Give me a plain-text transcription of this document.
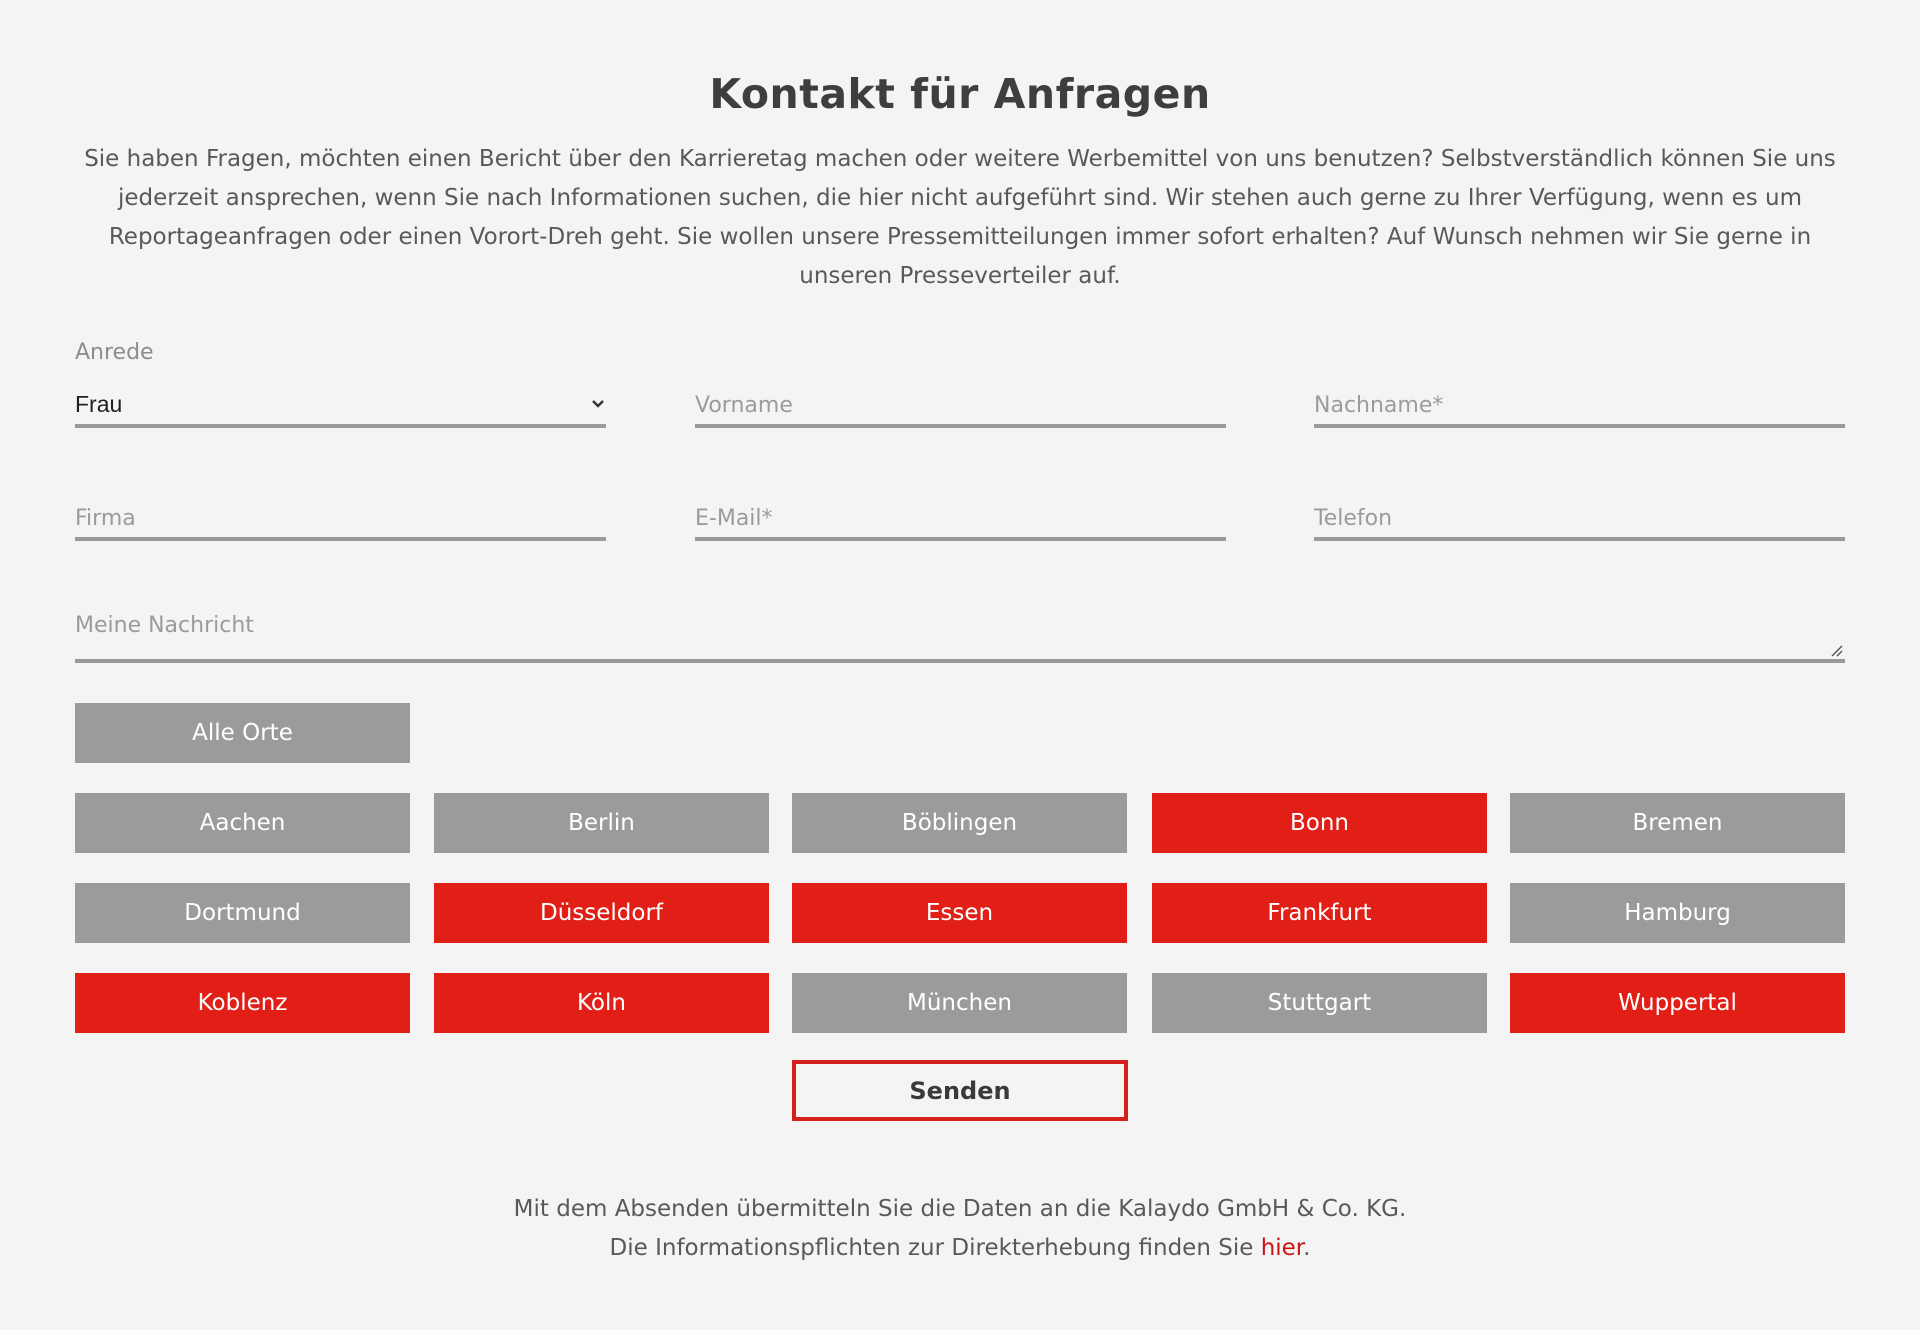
Kontakt für Anfragen

Sie haben Fragen, möchten einen Bericht über den Karrieretag machen oder weitere Werbemittel von uns benutzen? Selbstverständlich können Sie uns jederzeit ansprechen, wenn Sie nach Informationen suchen, die hier nicht aufgeführt sind. Wir stehen auch gerne zu Ihrer Verfügung, wenn es um Reportageanfragen oder einen Vorort-Dreh geht. Sie wollen unsere Pressemitteilungen immer sofort erhalten? Auf Wunsch nehmen wir Sie gerne in unseren Presseverteiler auf.

Anrede
Frau	Vorname	Nachname*
Firma	E-Mail*	Telefon
Meine Nachricht
Alle Orte
Aachen	Berlin	Böblingen	Bonn	Bremen
Dortmund	Düsseldorf	Essen	Frankfurt	Hamburg
Koblenz	Köln	München	Stuttgart	Wuppertal
Senden
Mit dem Absenden übermitteln Sie die Daten an die Kalaydo GmbH & Co. KG.
Die Informationspflichten zur Direkterhebung finden Sie hier.
